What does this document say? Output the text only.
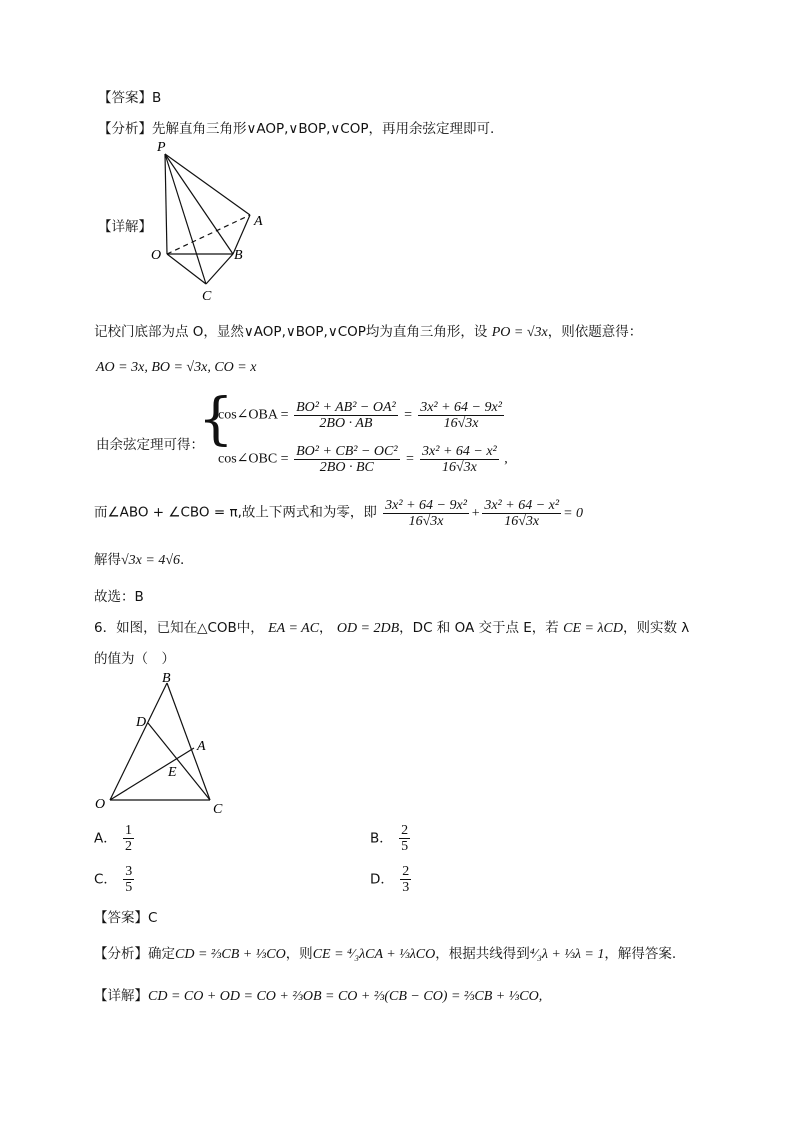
【答案】B
【分析】先解直角三角形∨AOP,∨BOP,∨COP，再用余弦定理即可.
【详解】
P
A
O	B
C
记校门底部为点 O，显然∨AOP,∨BOP,∨COP均为直角三角形，设 PO = √3x，则依题意得：
AO = 3x, BO = √3x, CO = x
由余弦定理可得：
{
cos∠OBA = $\frac{\text{BO² + AB² − OA²}}{2BO \cdot AB} = \frac{\text{3x² + 64 − 9x²}}{16√3x}$
cos∠OBC = $\frac{\text{BO² + CB² − OC²}}{2BO \cdot BC} = \frac{\text{3x² + 64 − x²}}{16√3x}$ ,
而∠ABO + ∠CBO = π,故上下两式和为零，即 $\frac{\text{3x² + 64 − 9x²}}{16√3x} + \frac{\text{3x² + 64 − x²}}{16√3x} = 0$
解得√3x = 4√6.
故选：B
6．如图，已知在△COB中， EA = AC， OD = 2DB，DC 和 OA 交于点 E，若 CE = λCD，则实数 λ
的值为（　）
B
D
A
E
O	C
A． $\frac{1}{2}$	B． $\frac{2}{5}$
C． $\frac{3}{5}$	D． $\frac{2}{3}$
【答案】C
【分析】确定CD = ⅔CB + ⅓CO，则CE = ⁴⁄₃λCA + ⅓λCO，根据共线得到⁴⁄₃λ + ⅓λ = 1，解得答案.
【详解】CD = CO + OD = CO + ⅔OB = CO + ⅔(CB − CO) = ⅔CB + ⅓CO,
